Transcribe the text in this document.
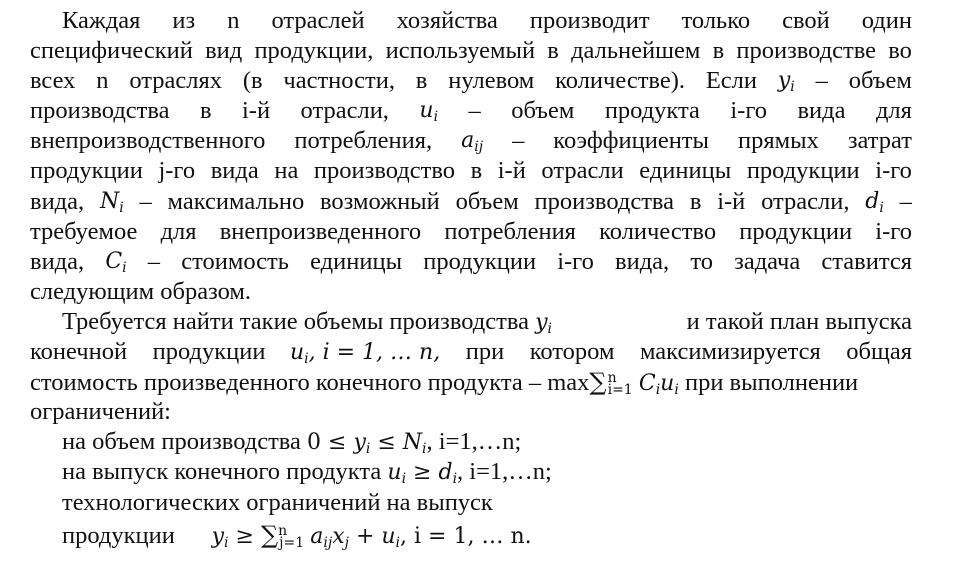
Каждая из n отраслей хозяйства производит только свой один
специфический вид продукции, используемый в дальнейшем в производстве во
всех n отраслях (в частности, в нулевом количестве). Если $y_i$ – объем
производства в i-й отрасли, $u_i$ – объем продукта i-го вида для
внепроизводственного потребления, $a_{ij}$ – коэффициенты прямых затрат
продукции j-го вида на производство в i-й отрасли единицы продукции i-го
вида, $N_i$ – максимально возможный объем производства в i-й отрасли, $d_i$ –
требуемое для внепроизведенного потребления количество продукции i-го
вида, $C_i$ – стоимость единицы продукции i-го вида, то задача ставится
следующим образом.
Требуется найти такие объемы производства $y_i$	и такой план выпуска
конечной продукции $u_i$, i = 1, … n, при котором максимизируется общая
стоимость произведенного конечного продукта – max∑$^n_{i=1}$ $C_iu_i$ при выполнении
ограничений:
на объем производства $0 \le y_i \le N_i$, i=1,…n;
на выпуск конечного продукта $u_i \ge d_i$, i=1,…n;
технологических ограничений на выпуск
продукции $y_i \ge \sum^n_{j=1}$ $a_{ij}x_j + u_i$, i = 1, … n.
